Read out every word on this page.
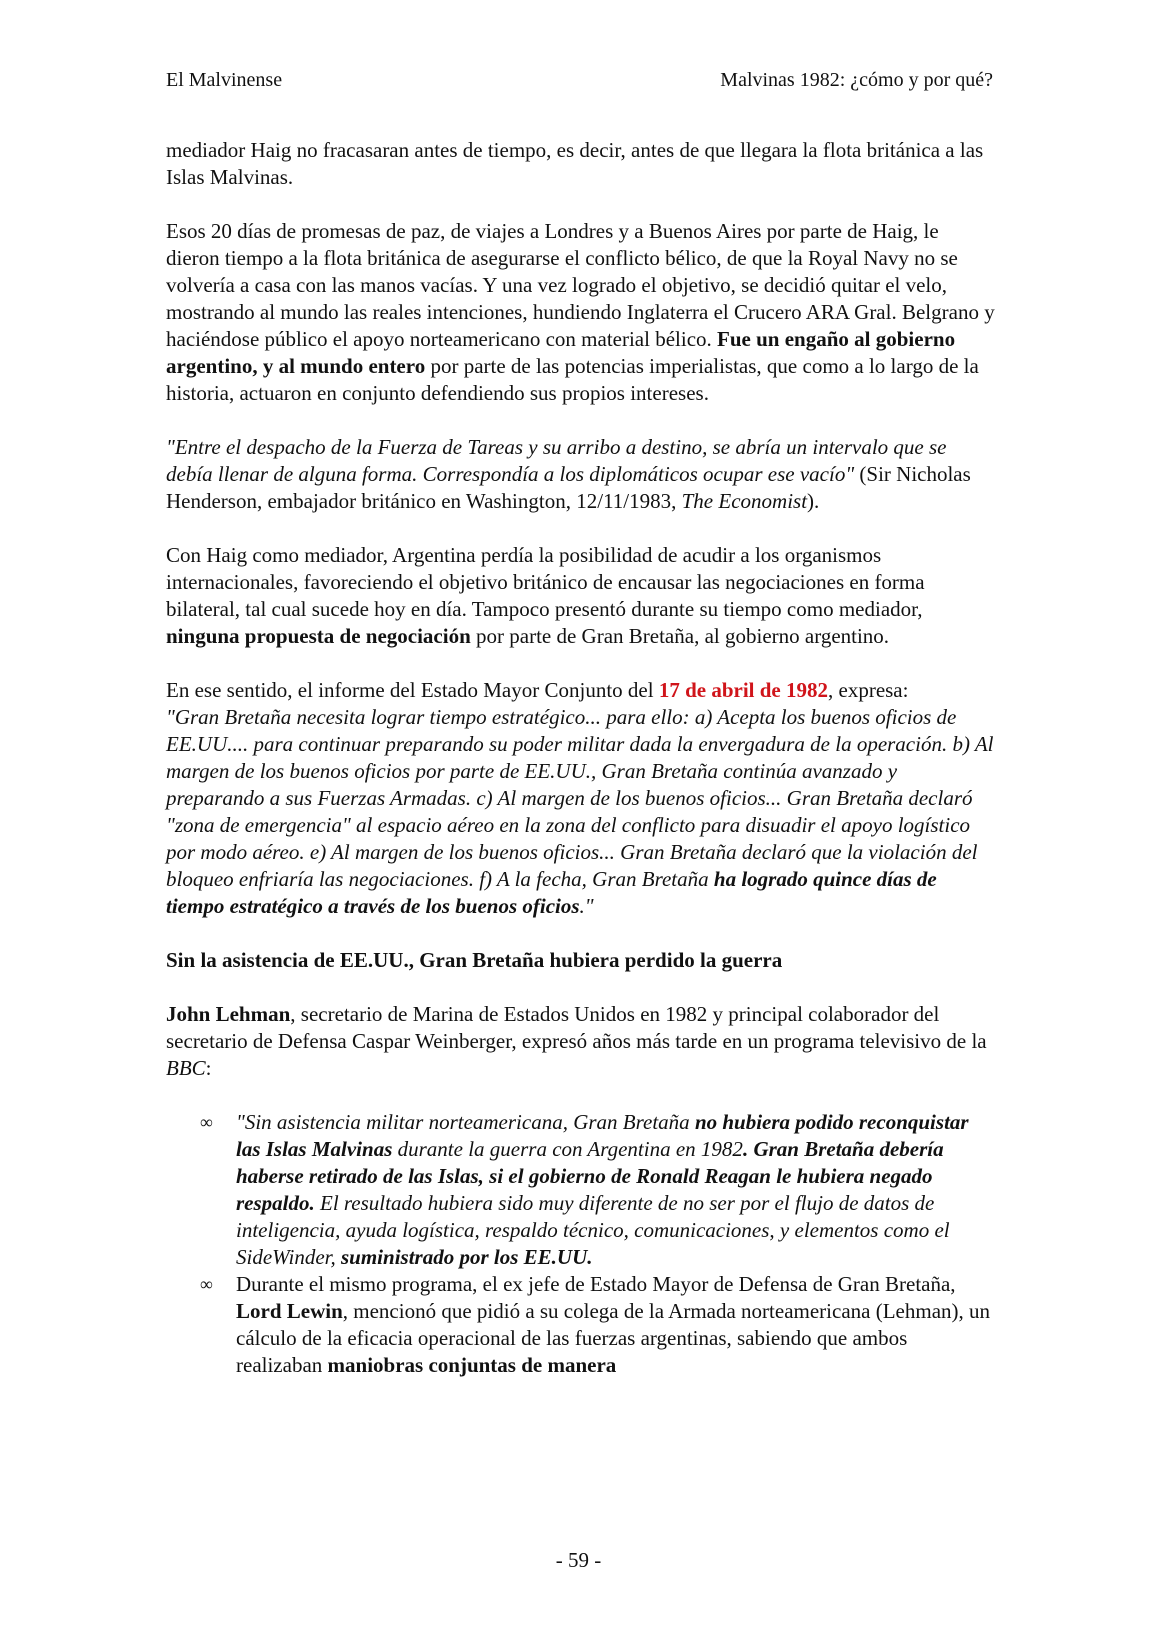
El Malvinense	Malvinas 1982: ¿cómo y por qué?

mediador Haig no fracasaran antes de tiempo, es decir, antes de que llegara la flota británica a las Islas Malvinas.

Esos 20 días de promesas de paz, de viajes a Londres y a Buenos Aires por parte de Haig, le dieron tiempo a la flota británica de asegurarse el conflicto bélico, de que la Royal Navy no se volvería a casa con las manos vacías. Y una vez logrado el objetivo, se decidió quitar el velo, mostrando al mundo las reales intenciones, hundiendo Inglaterra el Crucero ARA Gral. Belgrano y haciéndose público el apoyo norteamericano con material bélico. Fue un engaño al gobierno argentino, y al mundo entero por parte de las potencias imperialistas, que como a lo largo de la historia, actuaron en conjunto defendiendo sus propios intereses.

"Entre el despacho de la Fuerza de Tareas y su arribo a destino, se abría un intervalo que se debía llenar de alguna forma. Correspondía a los diplomáticos ocupar ese vacío" (Sir Nicholas Henderson, embajador británico en Washington, 12/11/1983, The Economist).

Con Haig como mediador, Argentina perdía la posibilidad de acudir a los organismos internacionales, favoreciendo el objetivo británico de encausar las negociaciones en forma bilateral, tal cual sucede hoy en día. Tampoco presentó durante su tiempo como mediador, ninguna propuesta de negociación por parte de Gran Bretaña, al gobierno argentino.

En ese sentido, el informe del Estado Mayor Conjunto del 17 de abril de 1982, expresa:
"Gran Bretaña necesita lograr tiempo estratégico... para ello: a) Acepta los buenos oficios de EE.UU.... para continuar preparando su poder militar dada la envergadura de la operación. b) Al margen de los buenos oficios por parte de EE.UU., Gran Bretaña continúa avanzado y preparando a sus Fuerzas Armadas. c) Al margen de los buenos oficios... Gran Bretaña declaró "zona de emergencia" al espacio aéreo en la zona del conflicto para disuadir el apoyo logístico por modo aéreo. e) Al margen de los buenos oficios... Gran Bretaña declaró que la violación del bloqueo enfriaría las negociaciones. f) A la fecha, Gran Bretaña ha logrado quince días de tiempo estratégico a través de los buenos oficios."

Sin la asistencia de EE.UU., Gran Bretaña hubiera perdido la guerra

John Lehman, secretario de Marina de Estados Unidos en 1982 y principal colaborador del secretario de Defensa Caspar Weinberger, expresó años más tarde en un programa televisivo de la BBC:

∞ "Sin asistencia militar norteamericana, Gran Bretaña no hubiera podido reconquistar las Islas Malvinas durante la guerra con Argentina en 1982. Gran Bretaña debería haberse retirado de las Islas, si el gobierno de Ronald Reagan le hubiera negado respaldo. El resultado hubiera sido muy diferente de no ser por el flujo de datos de inteligencia, ayuda logística, respaldo técnico, comunicaciones, y elementos como el SideWinder, suministrado por los EE.UU.
∞ Durante el mismo programa, el ex jefe de Estado Mayor de Defensa de Gran Bretaña, Lord Lewin, mencionó que pidió a su colega de la Armada norteamericana (Lehman), un cálculo de la eficacia operacional de las fuerzas argentinas, sabiendo que ambos realizaban maniobras conjuntas de manera
- 59 -
